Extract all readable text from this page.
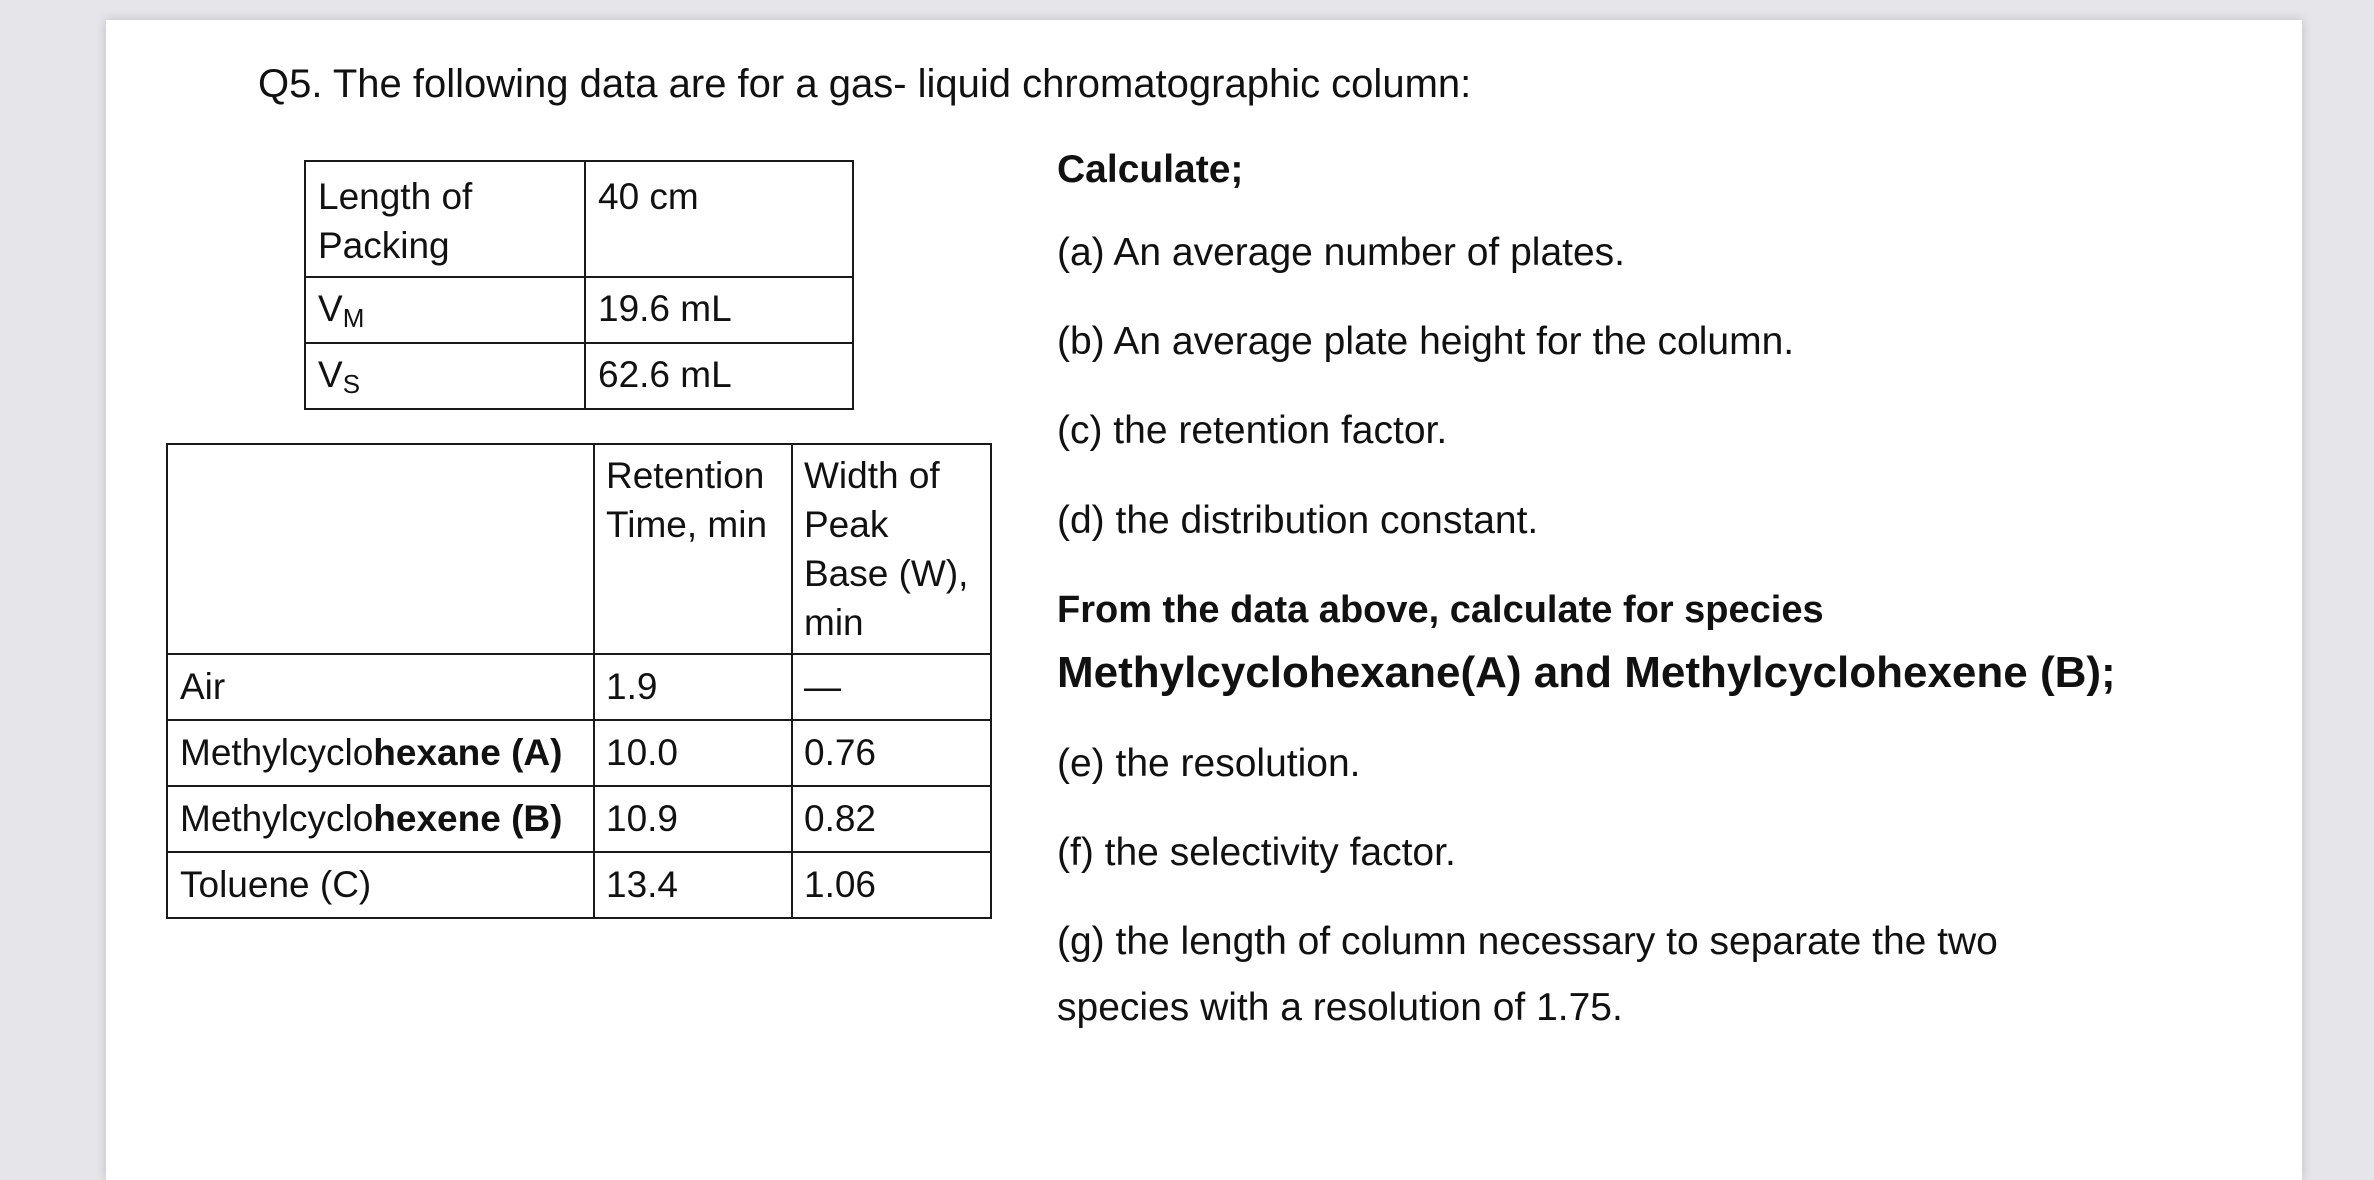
Q5. The following data are for a gas- liquid chromatographic column:
Length of Packing	40 cm
$V_M$	19.6 mL
$V_S$	62.6 mL
	Retention Time, min	Width of Peak Base (W), min
Air	1.9	—
Methylcyclohexane (A)	10.0	0.76
Methylcyclohexene (B)	10.9	0.82
Toluene (C)	13.4	1.06
Calculate;
(a) An average number of plates.
(b) An average plate height for the column.
(c) the retention factor.
(d) the distribution constant.
From the data above, calculate for species
Methylcyclohexane(A) and Methylcyclohexene (B);
(e) the resolution.
(f) the selectivity factor.
(g) the length of column necessary to separate the two
species with a resolution of 1.75.
